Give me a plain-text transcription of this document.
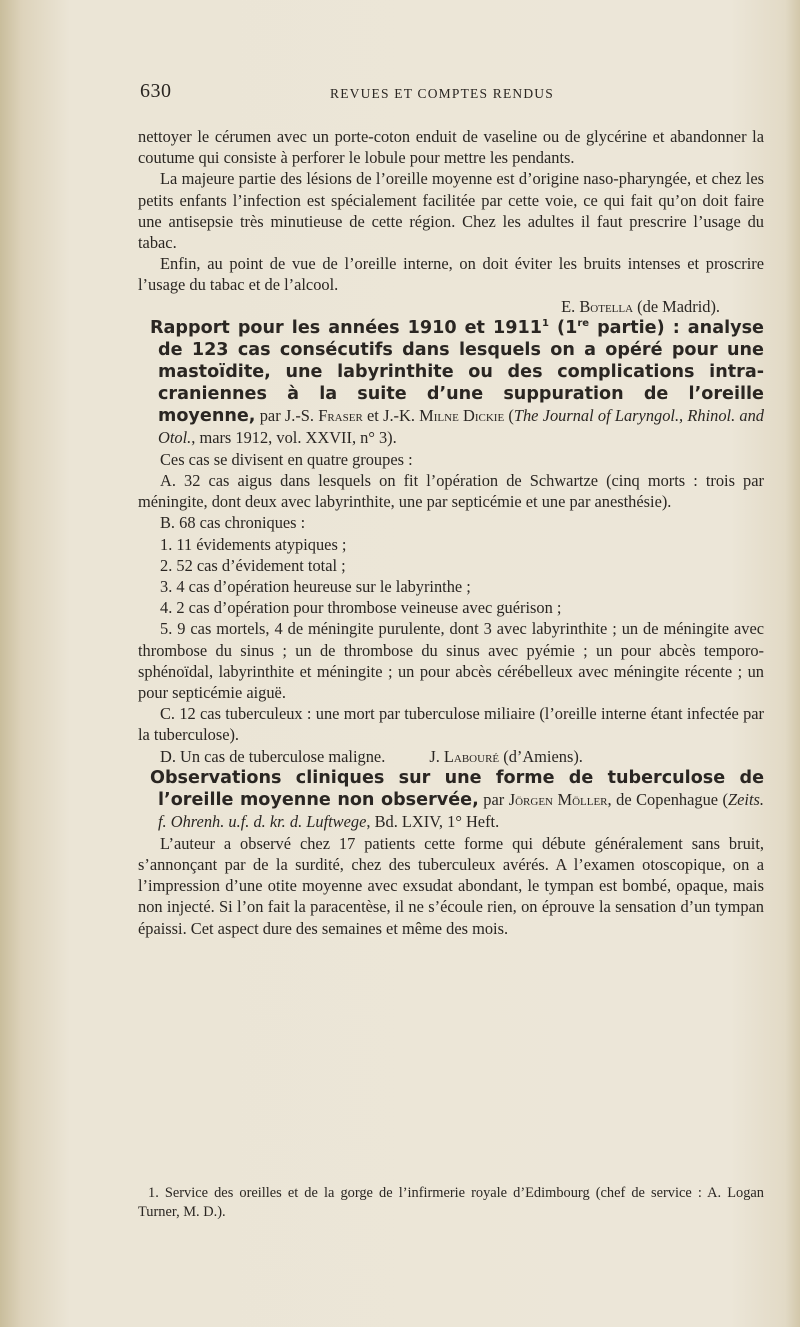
630	REVUES ET COMPTES RENDUS

nettoyer le cérumen avec un porte-coton enduit de vaseline ou de glycérine et abandonner la coutume qui consiste à perforer le lobule pour mettre les pendants.

La majeure partie des lésions de l’oreille moyenne est d’origine naso-pharyngée, et chez les petits enfants l’infection est spécialement facilitée par cette voie, ce qui fait qu’on doit faire une antisepsie très minutieuse de cette région. Chez les adultes il faut prescrire l’usage du tabac.

Enfin, au point de vue de l’oreille interne, on doit éviter les bruits intenses et proscrire l’usage du tabac et de l’alcool.

E. Botella (de Madrid).

Rapport pour les années 1910 et 1911$^1$ (1re partie) : analyse de 123 cas consécutifs dans lesquels on a opéré pour une mastoïdite, une labyrinthite ou des complications intra-craniennes à la suite d’une suppuration de l’oreille moyenne, par J.-S. Fraser et J.-K. Milne Dickie (The Journal of Laryngol., Rhinol. and Otol., mars 1912, vol. XXVII, n° 3).

Ces cas se divisent en quatre groupes :

A. 32 cas aigus dans lesquels on fit l’opération de Schwartze (cinq morts : trois par méningite, dont deux avec labyrinthite, une par septicémie et une par anesthésie).

B. 68 cas chroniques :

1. 11 évidements atypiques ;

2. 52 cas d’évidement total ;

3. 4 cas d’opération heureuse sur le labyrinthe ;

4. 2 cas d’opération pour thrombose veineuse avec guérison ;

5. 9 cas mortels, 4 de méningite purulente, dont 3 avec labyrinthite ; un de méningite avec thrombose du sinus ; un de thrombose du sinus avec pyémie ; un pour abcès temporo-sphénoïdal, labyrinthite et méningite ; un pour abcès cérébelleux avec méningite récente ; un pour septicémie aiguë.

C. 12 cas tuberculeux : une mort par tuberculose miliaire (l’oreille interne étant infectée par la tuberculose).

D. Un cas de tuberculose maligne.	J. Labouré (d’Amiens).

Observations cliniques sur une forme de tuberculose de l’oreille moyenne non observée, par Jörgen Möller, de Copenhague (Zeits. f. Ohrenh. u.f. d. kr. d. Luftwege, Bd. LXIV, 1° Heft.

L’auteur a observé chez 17 patients cette forme qui débute généralement sans bruit, s’annonçant par de la surdité, chez des tuberculeux avérés. A l’examen otoscopique, on a l’impression d’une otite moyenne avec exsudat abondant, le tympan est bombé, opaque, mais non injecté. Si l’on fait la paracentèse, il ne s’écoule rien, on éprouve la sensation d’un tympan épaissi. Cet aspect dure des semaines et même des mois.

1. Service des oreilles et de la gorge de l’infirmerie royale d’Edimbourg (chef de service : A. Logan Turner, M. D.).
